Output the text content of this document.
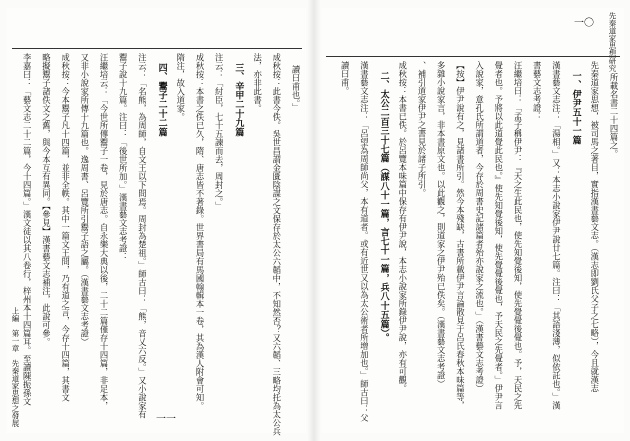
讀曰甫也。」
成秋按：此書今佚。吳世昌謂金匱陰謀之文保存於太公六韜中，不知然否？又六韜、三略均托為太公兵
法，亦非此書。
三、辛甲二十九篇
注云：「紂臣，七十五諫而去，周封之。」
成秋按：本書之佚已久，隋、唐志皆不著錄。世界書局有馬國翰輯本一卷，其為漢人附會可知。
隋注，故入道家。
四、鬻子二十二篇
注云：「名熊，為周師，自文王以下問焉。周封為楚祖。」師古曰：「熊，音乂六反。」又小說家有
鬻子說十九篇。注曰：「後世所加。」漢書藝文志考證：
汪繼培云：「今世所傳鬻子一卷，見於唐志。自永樂大典以後，二十二篇僅存十四篇，非足本，
又非小說家所傳十九篇也。逸周書、呂覽所引鬻子語之屬。（漢書藝文志考證）
成秋按：今本鬻子凡十四篇，並非全帙。其中一篇文王問，乃有道之言，今存十四篇，其書文
略擬鬻子諸佚文之舊，與今本互有異同。【參見】漢書藝文志補注，此說可參。
李嘉曰：「藝文志二十二篇，今十四篇。」漢文徒以其八卷行，梓州本十四篇耳。至讀陳振孫文
上編　第一章　先秦道家思想之發展	一一
先秦道家思想研究
一〇
所載名書二十四篇之。
先秦道家思想，被司馬之著目，實指漢書藝文志。（漢志即劉氏父子之七略），今且就漢志
一、伊尹五十一篇
漢書藝文志注：「湯相。」又：本志小說家伊尹說廿七篇。注曰：「其語淺薄，似依託也。」漢
書藝文志考證：
汪繼培曰：「孟子稱伊尹：『天之生此民也，使先知覺後知，使先覺覺後覺也。予，天民之先
覺者也。予將以此道覺此民也。』使先知覺後知，使先覺覺後覺也，予天民之先覺者。」伊尹言
入說家，意孔氏所謂道者，今存於周書史記諸篇者殆亦說家之流也。」（漢書藝文志考證）
【按】伊尹說有之，見諸書所引。然今本殘缺，古書所載伊尹言論散見于呂氏春秋本味篇等，
多雜小說家言，非本書原文也。以此觀之，則道家之伊尹殆已佚矣。（漢書藝文志考證）
、補引道家伊尹之書見於諸子所引。
成秋按：本書已佚。於呂覽本味篇中保存有伊尹說，本志小說家所錄伊尹說，亦有可觀。
二、太公二百三十七篇（謀八十一篇，言七十一篇，兵八十五篇）。
漢書藝文志注：「呂望為周師尚父，本有道者。或有近世又以為太公術者所增加也。」師古曰：父
讀曰甫。
